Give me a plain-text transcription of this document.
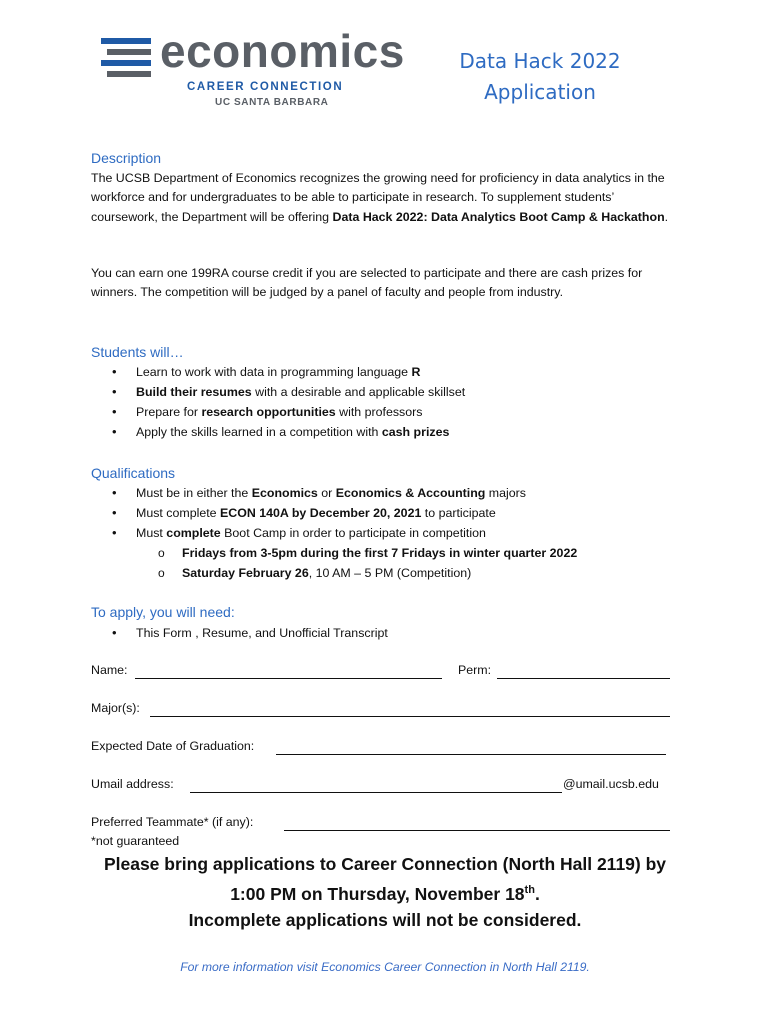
economics
CAREER CONNECTION
UC SANTA BARBARA
Data Hack 2022
Application
Description
The UCSB Department of Economics recognizes the growing need for proficiency in data analytics in the workforce and for undergraduates to be able to participate in research. To supplement students’ coursework, the Department will be offering Data Hack 2022: Data Analytics Boot Camp & Hackathon.
You can earn one 199RA course credit if you are selected to participate and there are cash prizes for winners. The competition will be judged by a panel of faculty and people from industry.
Students will…
• Learn to work with data in programming language R
• Build their resumes with a desirable and applicable skillset
• Prepare for research opportunities with professors
• Apply the skills learned in a competition with cash prizes
Qualifications
• Must be in either the Economics or Economics & Accounting majors
• Must complete ECON 140A by December 20, 2021 to participate
• Must complete Boot Camp in order to participate in competition
o Fridays from 3-5pm during the first 7 Fridays in winter quarter 2022
o Saturday February 26, 10 AM – 5 PM (Competition)
To apply, you will need:
• This Form , Resume, and Unofficial Transcript
Name:	Perm:
Major(s):
Expected Date of Graduation:
Umail address:	@umail.ucsb.edu
Preferred Teammate* (if any):
*not guaranteed
Please bring applications to Career Connection (North Hall 2119) by
1:00 PM on Thursday, November 18th.
Incomplete applications will not be considered.
For more information visit Economics Career Connection in North Hall 2119.
